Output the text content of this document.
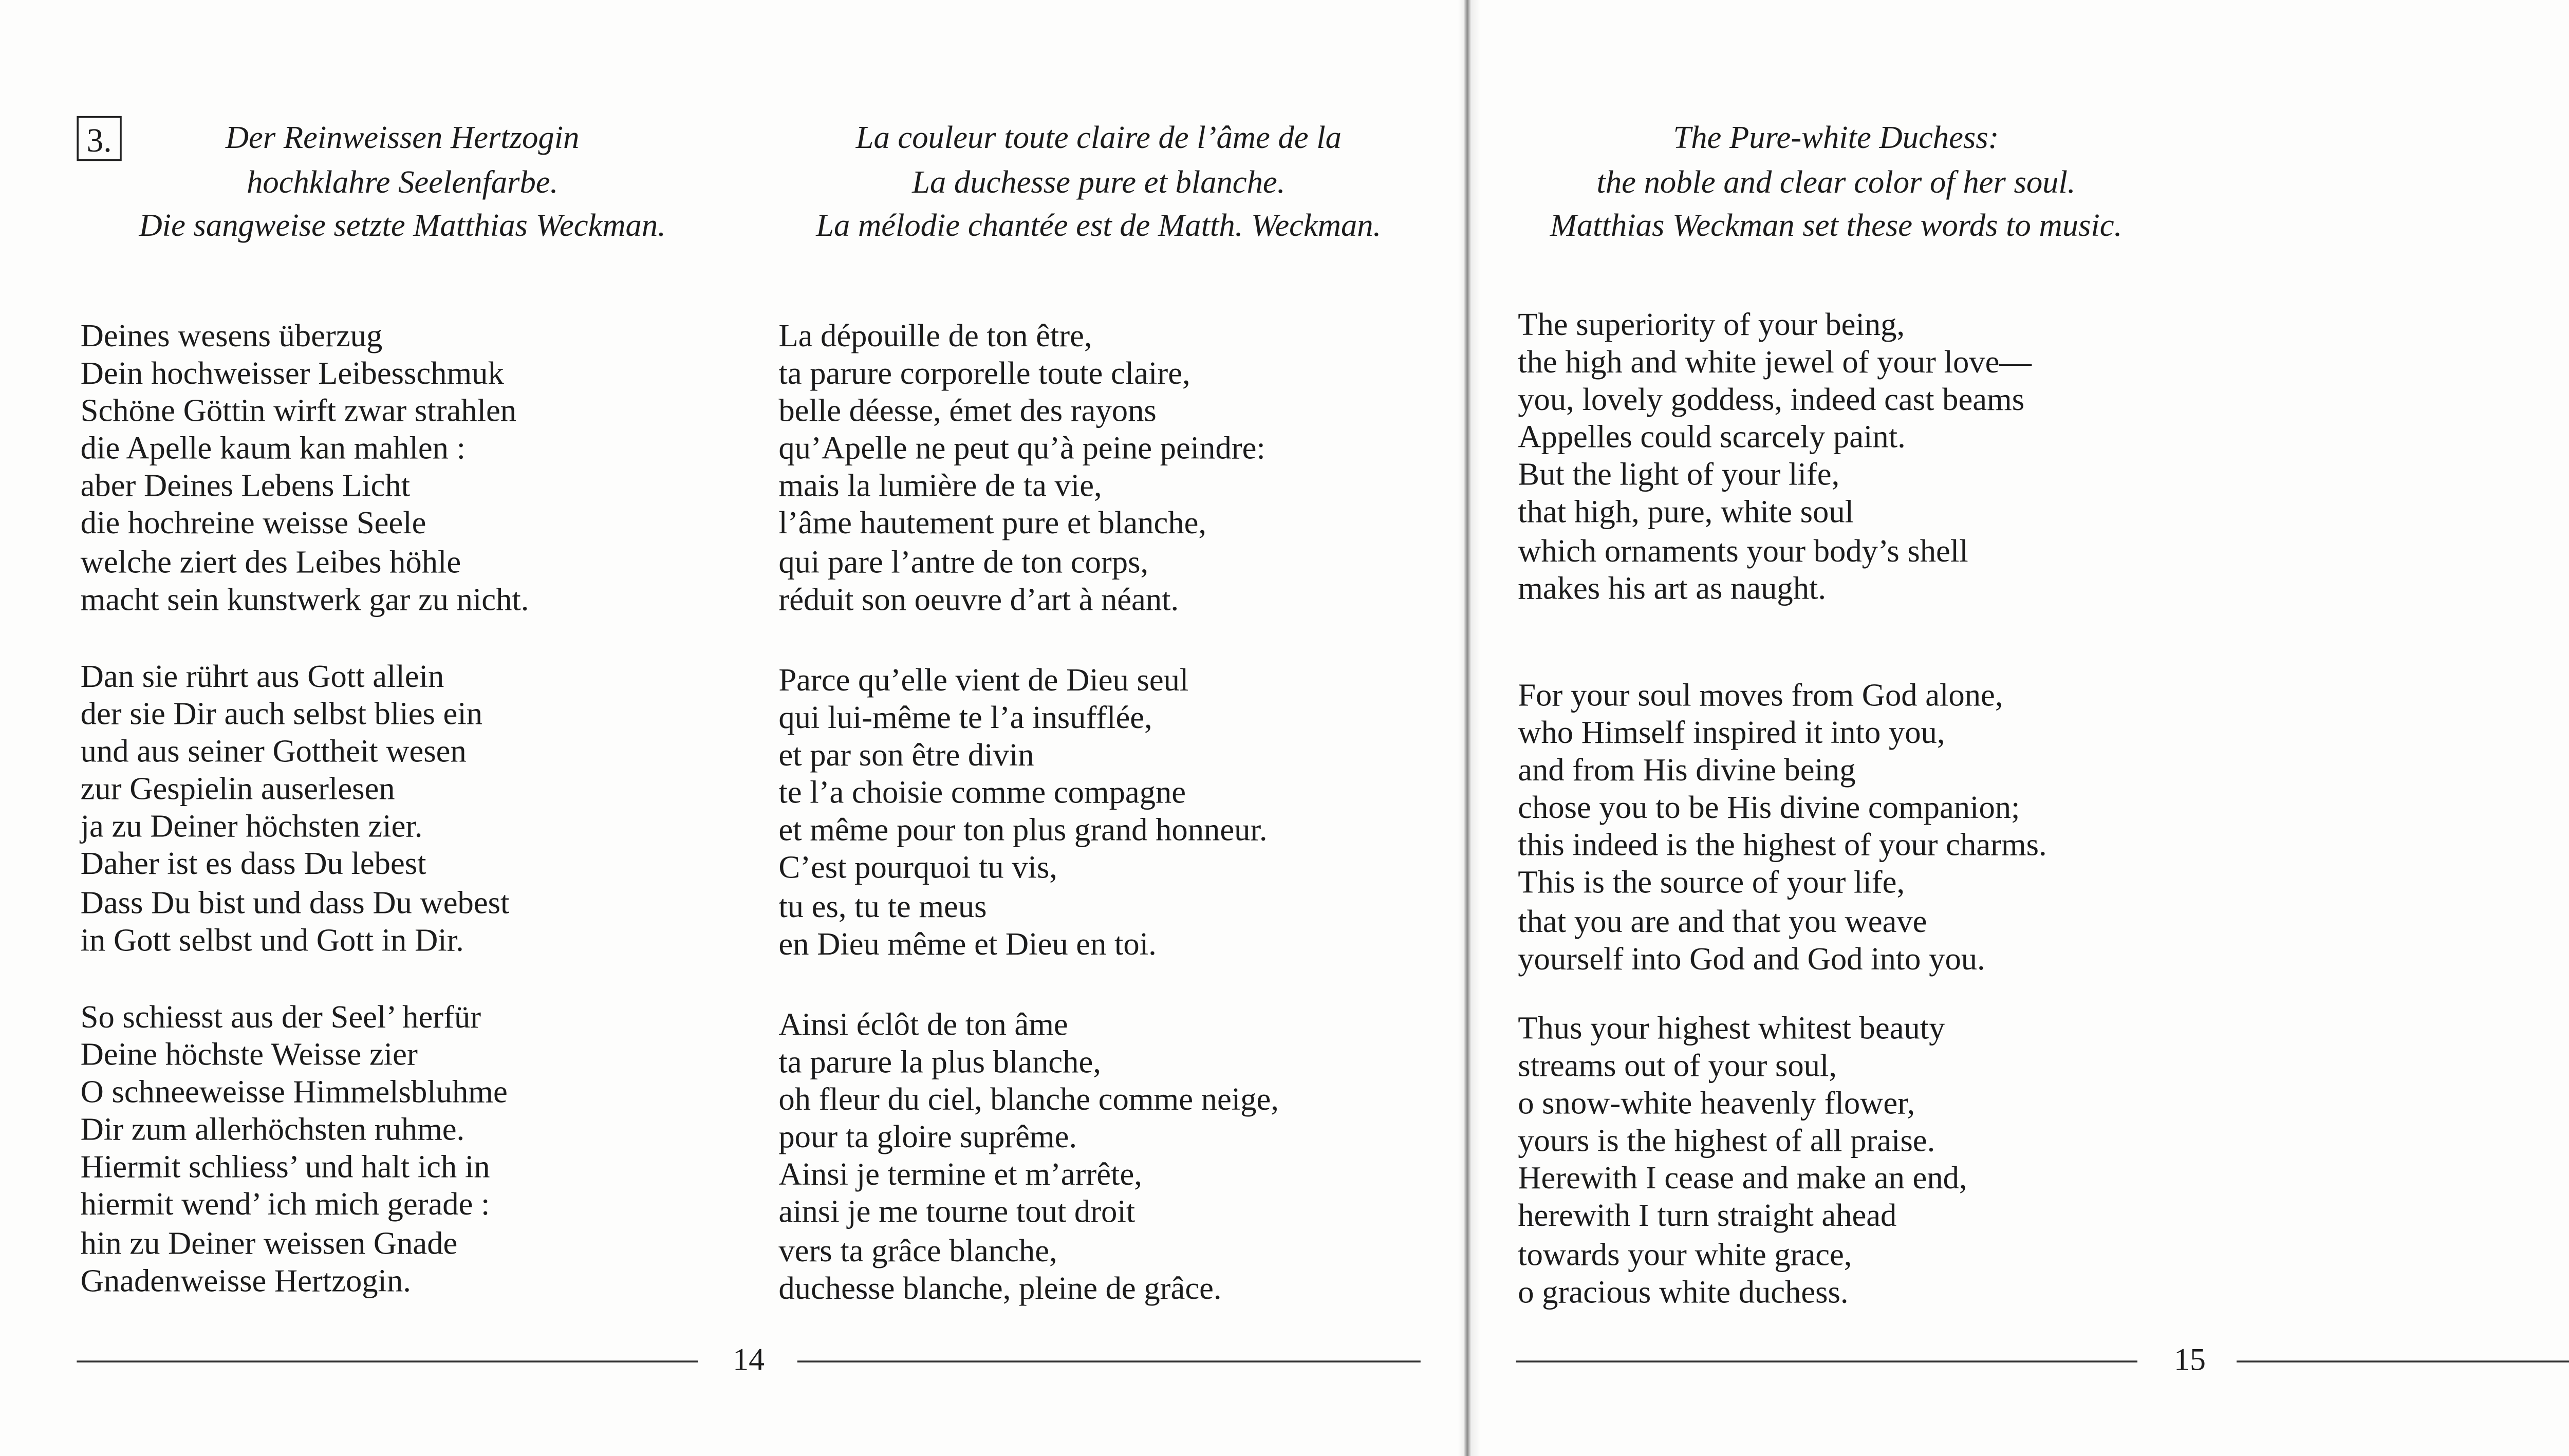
3.	Der Reinweissen Hertzogin
hochklahre Seelenfarbe.
Die sangweise setzte Matthias Weckman.
La couleur toute claire de l’âme de la
La duchesse pure et blanche.
La mélodie chantée est de Matth. Weckman.
Deines wesens überzug
Dein hochweisser Leibesschmuk
Schöne Göttin wirft zwar strahlen
die Apelle kaum kan mahlen :
aber Deines Lebens Licht
die hochreine weisse Seele
welche ziert des Leibes höhle
macht sein kunstwerk gar zu nicht.
Dan sie rührt aus Gott allein
der sie Dir auch selbst blies ein
und aus seiner Gottheit wesen
zur Gespielin auserlesen
ja zu Deiner höchsten zier.
Daher ist es dass Du lebest
Dass Du bist und dass Du webest
in Gott selbst und Gott in Dir.
So schiesst aus der Seel’ herfür
Deine höchste Weisse zier
O schneeweisse Himmelsbluhme
Dir zum allerhöchsten ruhme.
Hiermit schliess’ und halt ich in
hiermit wend’ ich mich gerade :
hin zu Deiner weissen Gnade
Gnadenweisse Hertzogin.
La dépouille de ton être,
ta parure corporelle toute claire,
belle déesse, émet des rayons
qu’Apelle ne peut qu’à peine peindre:
mais la lumière de ta vie,
l’âme hautement pure et blanche,
qui pare l’antre de ton corps,
réduit son oeuvre d’art à néant.
Parce qu’elle vient de Dieu seul
qui lui-même te l’a insufflée,
et par son être divin
te l’a choisie comme compagne
et même pour ton plus grand honneur.
C’est pourquoi tu vis,
tu es, tu te meus
en Dieu même et Dieu en toi.
Ainsi éclôt de ton âme
ta parure la plus blanche,
oh fleur du ciel, blanche comme neige,
pour ta gloire suprême.
Ainsi je termine et m’arrête,
ainsi je me tourne tout droit
vers ta grâce blanche,
duchesse blanche, pleine de grâce.
14
The Pure-white Duchess:
the noble and clear color of her soul.
Matthias Weckman set these words to music.
The superiority of your being,
the high and white jewel of your love—
you, lovely goddess, indeed cast beams
Appelles could scarcely paint.
But the light of your life,
that high, pure, white soul
which ornaments your body’s shell
makes his art as naught.
For your soul moves from God alone,
who Himself inspired it into you,
and from His divine being
chose you to be His divine companion;
this indeed is the highest of your charms.
This is the source of your life,
that you are and that you weave
yourself into God and God into you.
Thus your highest whitest beauty
streams out of your soul,
o snow-white heavenly flower,
yours is the highest of all praise.
Herewith I cease and make an end,
herewith I turn straight ahead
towards your white grace,
o gracious white duchess.
15
